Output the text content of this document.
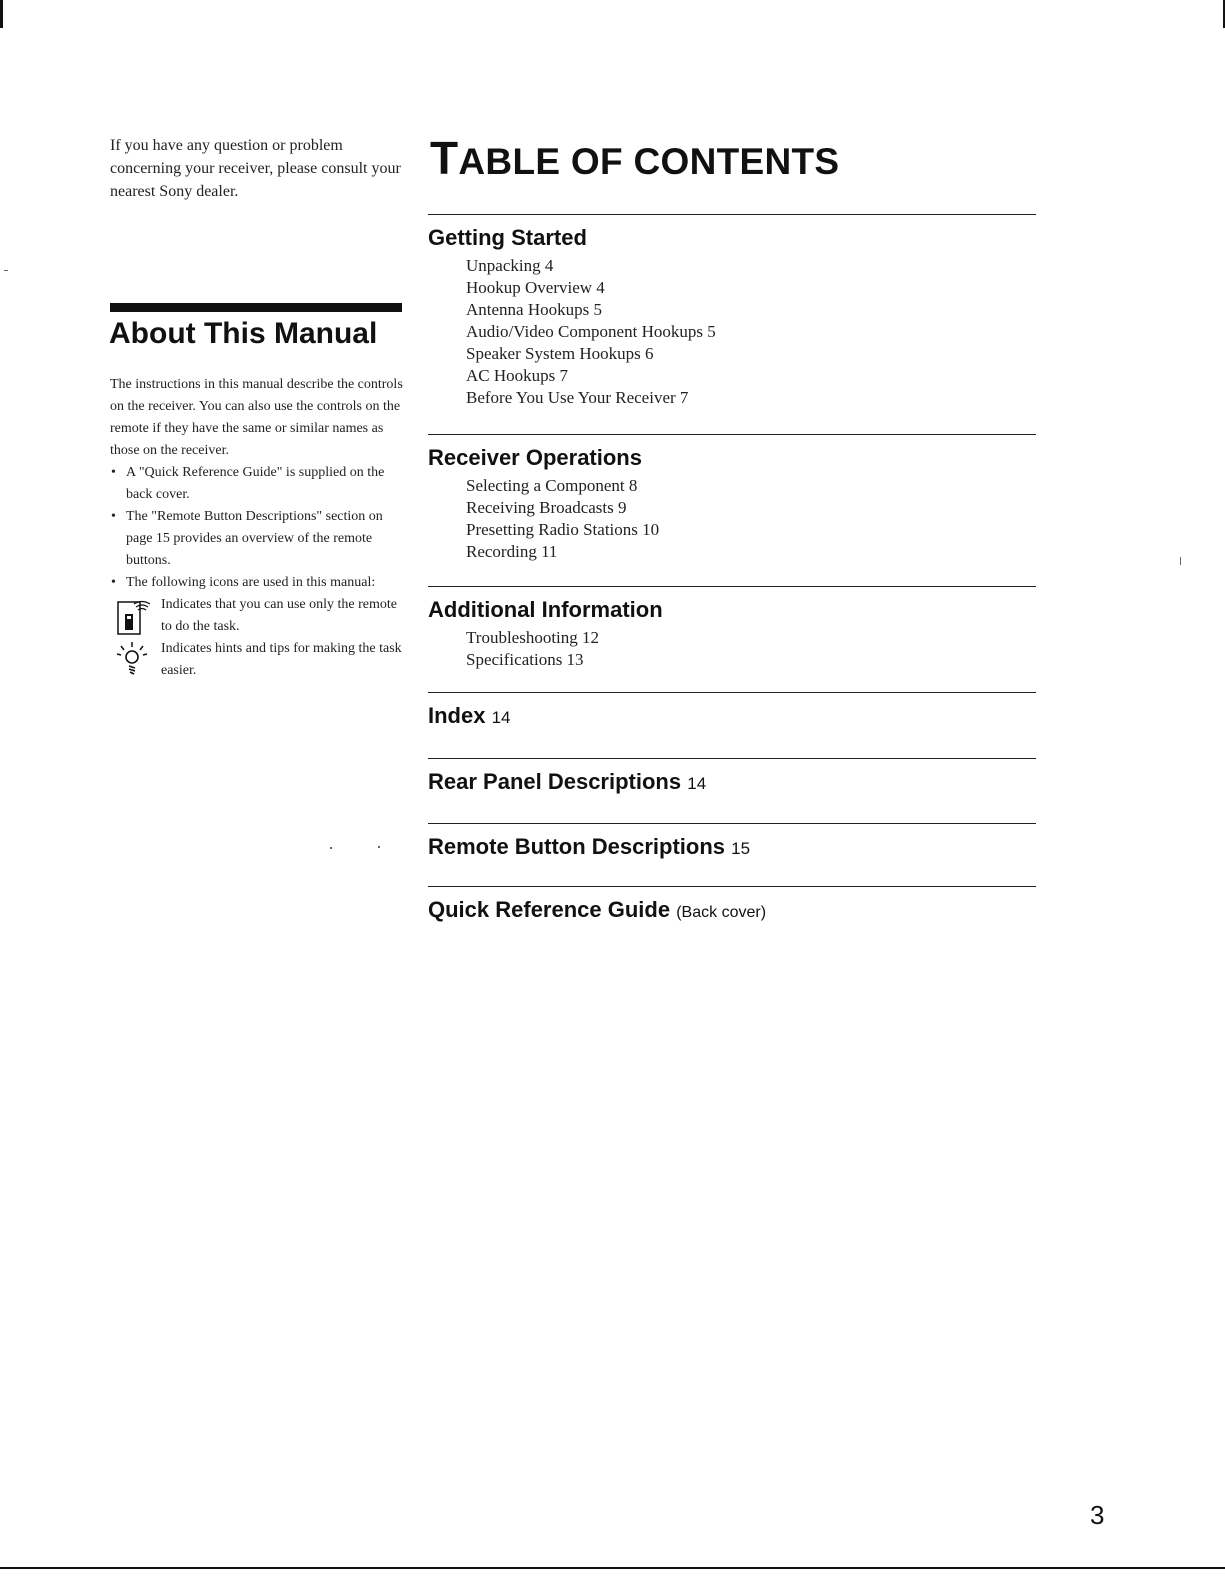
If you have any question or problem concerning your receiver, please consult your nearest Sony dealer.
About This Manual

The instructions in this manual describe the controls on the receiver. You can also use the controls on the remote if they have the same or similar names as those on the receiver.

• A "Quick Reference Guide" is supplied on the back cover.
• The "Remote Button Descriptions" section on page 15 provides an overview of the remote buttons.
• The following icons are used in this manual:
Indicates that you can use only the remote to do the task.
Indicates hints and tips for making the task easier.
TABLE OF CONTENTS
Getting Started
Unpacking 4
Hookup Overview 4
Antenna Hookups 5
Audio/Video Component Hookups 5
Speaker System Hookups 6
AC Hookups 7
Before You Use Your Receiver 7
Receiver Operations
Selecting a Component 8
Receiving Broadcasts 9
Presetting Radio Stations 10
Recording 11
Additional Information
Troubleshooting 12
Specifications 13
Index 14
Rear Panel Descriptions 14
Remote Button Descriptions 15
Quick Reference Guide (Back cover)
3
